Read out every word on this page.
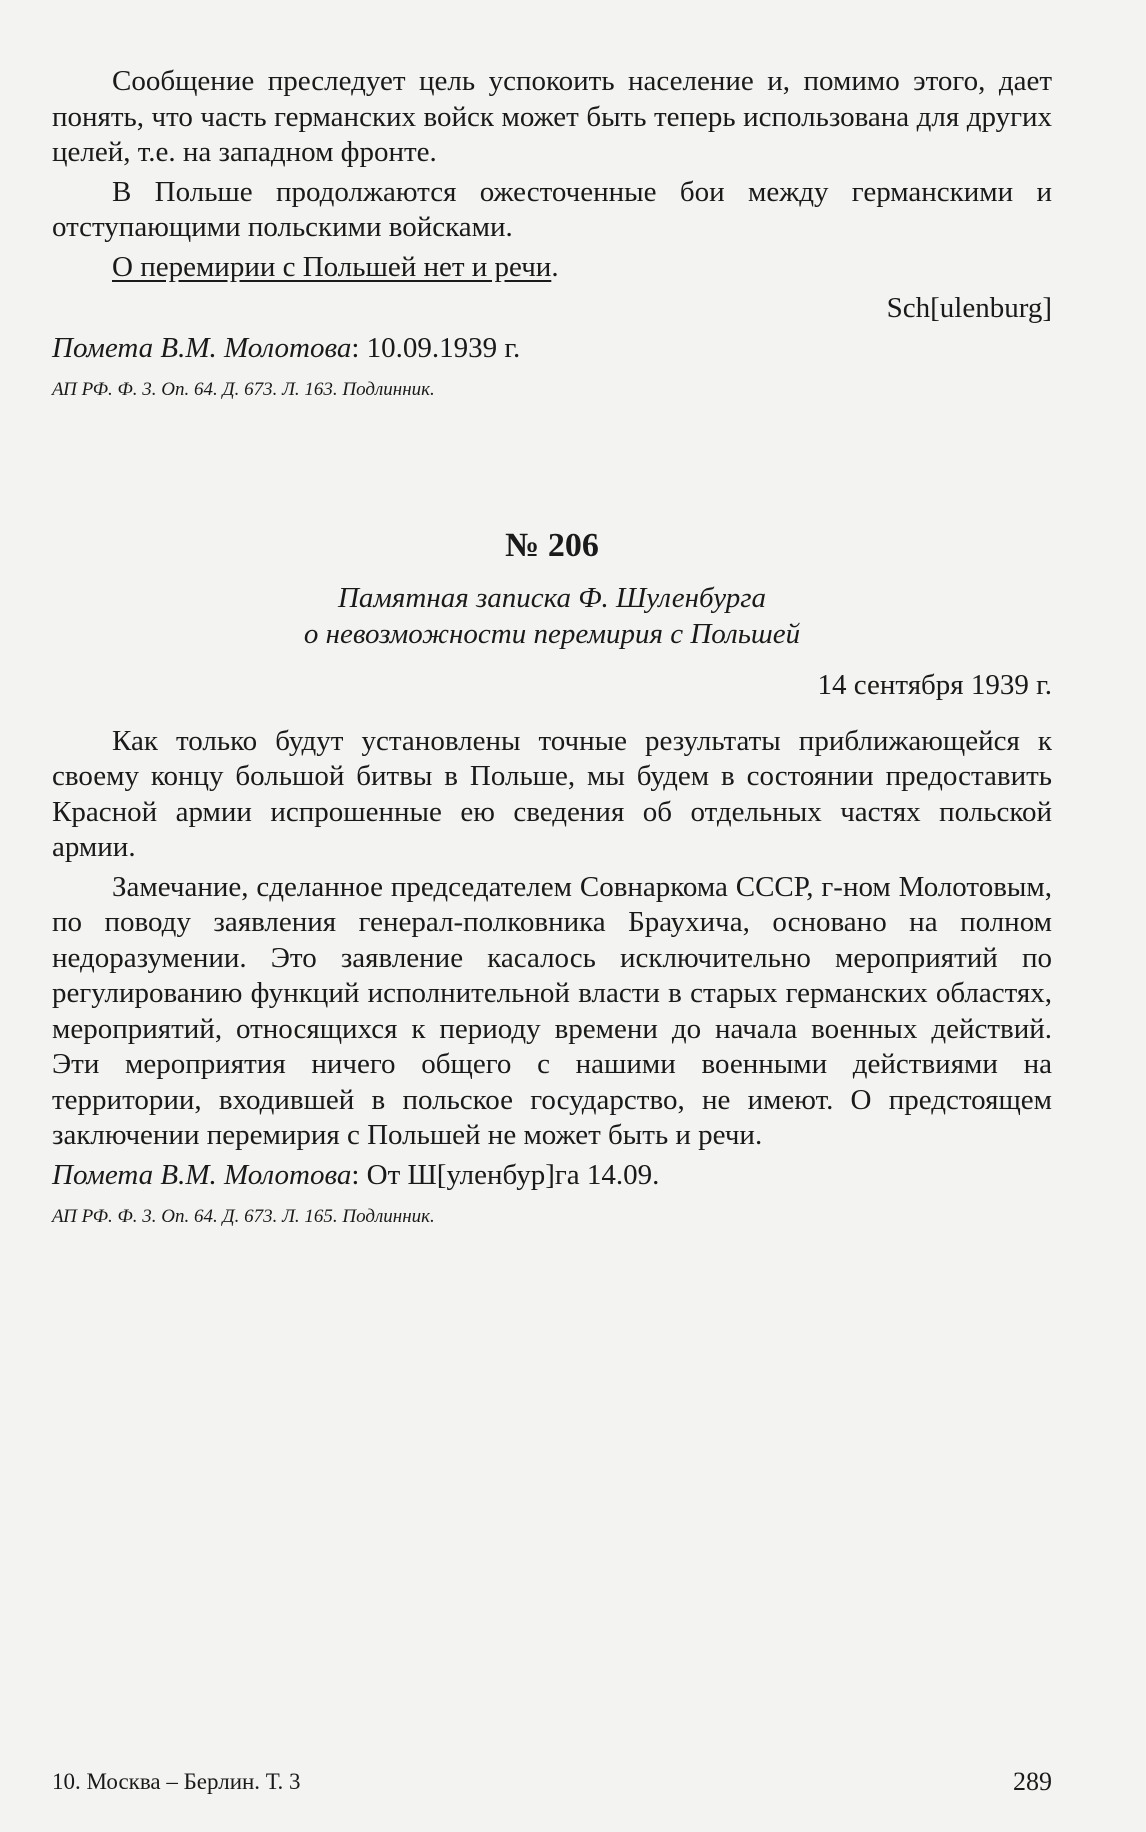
Сообщение преследует цель успокоить население и, помимо этого, дает понять, что часть германских войск может быть теперь использована для других целей, т.е. на западном фронте.

В Польше продолжаются ожесточенные бои между германскими и отступающими польскими войсками.

О перемирии с Польшей нет и речи.

Sch[ulenburg]

Помета В.М. Молотова: 10.09.1939 г.

АП РФ. Ф. 3. Оп. 64. Д. 673. Л. 163. Подлинник.

№ 206

Памятная записка Ф. Шуленбурга
о невозможности перемирия с Польшей

14 сентября 1939 г.

Как только будут установлены точные результаты приближающейся к своему концу большой битвы в Польше, мы будем в состоянии предоставить Красной армии испрошенные ею сведения об отдельных частях польской армии.

Замечание, сделанное председателем Совнаркома СССР, г-ном Молотовым, по поводу заявления генерал-полковника Браухича, основано на полном недоразумении. Это заявление касалось исключительно мероприятий по регулированию функций исполнительной власти в старых германских областях, мероприятий, относящихся к периоду времени до начала военных действий. Эти мероприятия ничего общего с нашими военными действиями на территории, входившей в польское государство, не имеют. О предстоящем заключении перемирия с Польшей не может быть и речи.

Помета В.М. Молотова: От Ш[уленбур]га 14.09.

АП РФ. Ф. 3. Оп. 64. Д. 673. Л. 165. Подлинник.

10. Москва – Берлин. Т. 3	289
